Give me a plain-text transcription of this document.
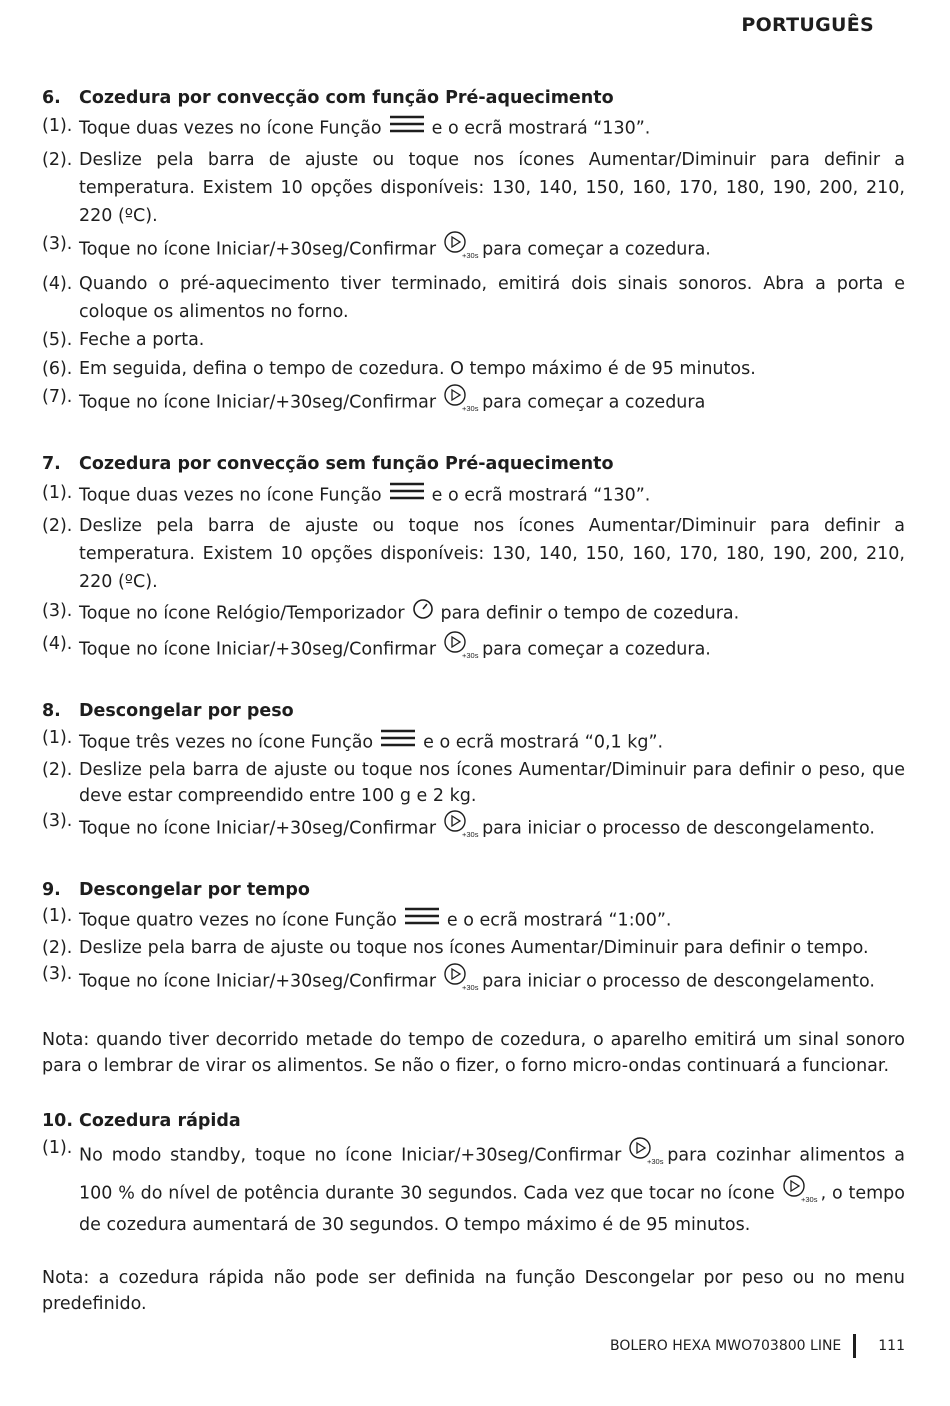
PORTUGUÊS
6.	Cozedura por convecção com função Pré-aquecimento
(1). Toque duas vezes no ícone Função	e o ecrã mostrará “130”.
(2). Deslize pela barra de ajuste ou toque nos ícones Aumentar/Diminuir para definir a temperatura. Existem 10 opções disponíveis: 130, 140, 150, 160, 170, 180, 190, 200, 210, 220 (ºC).
(3). Toque no ícone Iniciar/+30seg/Confirmar	+30s para começar a cozedura.
(4). Quando o pré-aquecimento tiver terminado, emitirá dois sinais sonoros. Abra a porta e coloque os alimentos no forno.
(5). Feche a porta.
(6). Em seguida, defina o tempo de cozedura. O tempo máximo é de 95 minutos.
(7). Toque no ícone Iniciar/+30seg/Confirmar	+30s para começar a cozedura
7.	Cozedura por convecção sem função Pré-aquecimento
(1). Toque duas vezes no ícone Função	e o ecrã mostrará “130”.
(2). Deslize pela barra de ajuste ou toque nos ícones Aumentar/Diminuir para definir a temperatura. Existem 10 opções disponíveis: 130, 140, 150, 160, 170, 180, 190, 200, 210, 220 (ºC).
(3). Toque no ícone Relógio/Temporizador para definir o tempo de cozedura.
(4). Toque no ícone Iniciar/+30seg/Confirmar	+30s para começar a cozedura.
8.	Descongelar por peso
(1). Toque três vezes no ícone Função	e o ecrã mostrará “0,1 kg”.
(2). Deslize pela barra de ajuste ou toque nos ícones Aumentar/Diminuir para definir o peso, que deve estar compreendido entre 100 g e 2 kg.
(3). Toque no ícone Iniciar/+30seg/Confirmar	+30s para iniciar o processo de descongelamento.
9.	Descongelar por tempo
(1). Toque quatro vezes no ícone Função	e o ecrã mostrará “1:00”.
(2). Deslize pela barra de ajuste ou toque nos ícones Aumentar/Diminuir para definir o tempo.
(3). Toque no ícone Iniciar/+30seg/Confirmar	+30s para iniciar o processo de descongelamento.

Nota: quando tiver decorrido metade do tempo de cozedura, o aparelho emitirá um sinal sonoro para o lembrar de virar os alimentos. Se não o fizer, o forno micro-ondas continuará a funcionar.

10. Cozedura rápida
(1). No modo standby, toque no ícone Iniciar/+30seg/Confirmar	+30s para cozinhar alimentos a 100 % do nível de potência durante 30 segundos. Cada vez que tocar no ícone	+30s , o tempo de cozedura aumentará de 30 segundos. O tempo máximo é de 95 minutos.

Nota: a cozedura rápida não pode ser definida na função Descongelar por peso ou no menu predefinido.

BOLERO HEXA MWO703800 LINE	111
